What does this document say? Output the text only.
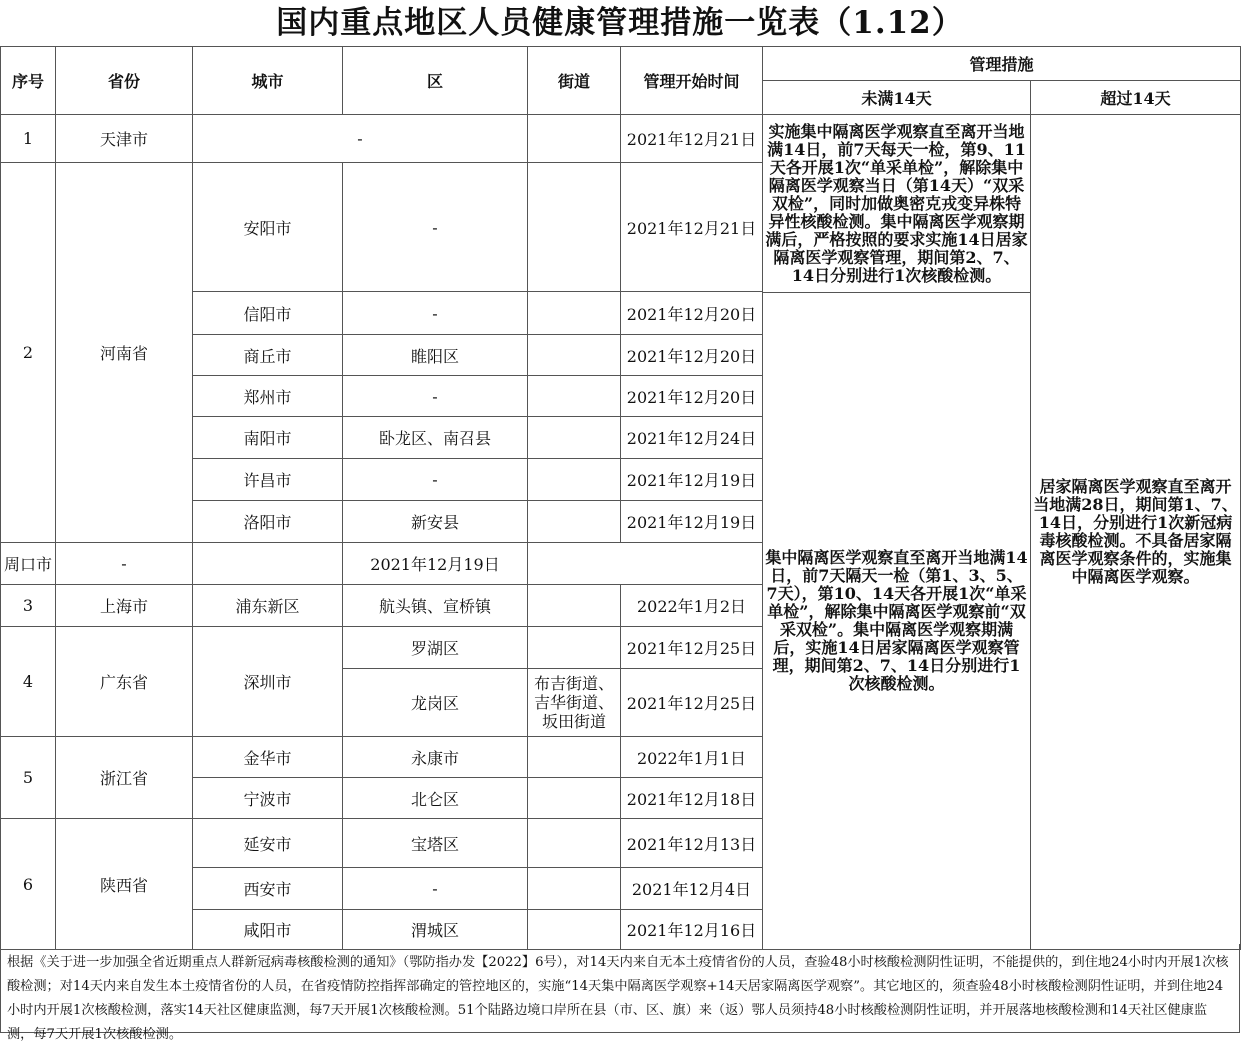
国内重点地区人员健康管理措施一览表（1.12）
序号	省份	城市	区	街道	管理开始时间	管理措施	
						未满14天	超过14天
1	天津市	-			2021年12月21日	实施集中隔离医学观察直至离开当地满14日，前7天每天一检，第9、11天各开展1次“单采单检”，解除集中隔离医学观察当日（第14天）“双采双检”，同时加做奥密克戎变异株特异性核酸检测。集中隔离医学观察期满后，严格按照的要求实施14日居家隔离医学观察管理，期间第2、7、14日分别进行1次核酸检测。	居家隔离医学观察直至离开当地满28日，期间第1、7、14日，分别进行1次新冠病毒核酸检测。不具备居家隔离医学观察条件的，实施集中隔离医学观察。
2	河南省	安阳市	-		2021年12月21日		
		信阳市	-		2021年12月20日		
						集中隔离医学观察直至离开当地满14日，前7天隔天一检（第1、3、5、7天），第10、14天各开展1次“单采单检”，解除集中隔离医学观察前“双采双检”。集中隔离医学观察期满后，实施14日居家隔离医学观察管理，期间第2、7、14日分别进行1次核酸检测。	
		商丘市	睢阳区		2021年12月20日		
		郑州市	-		2021年12月20日		
		南阳市	卧龙区、南召县		2021年12月24日		
		许昌市	-		2021年12月19日		
		洛阳市	新安县		2021年12月19日		
周口市	-		2021年12月19日				
3	上海市	浦东新区	航头镇、宣桥镇		2022年1月2日		
4	广东省	深圳市	罗湖区		2021年12月25日		
			龙岗区	布吉街道、吉华街道、坂田街道	2021年12月25日		
5	浙江省	金华市	永康市		2022年1月1日		
		宁波市	北仑区		2021年12月18日		
6	陕西省	延安市	宝塔区		2021年12月13日		
		西安市	-		2021年12月4日		
		咸阳市	渭城区		2021年12月16日		
根据《关于进一步加强全省近期重点人群新冠病毒核酸检测的通知》（鄂防指办发【2022】6号），对14天内来自无本土疫情省份的人员，查验48小时核酸检测阴性证明，不能提供的，到住地24小时内开展1次核酸检测；对14天内来自发生本土疫情省份的人员，在省疫情防控指挥部确定的管控地区的，实施“14天集中隔离医学观察+14天居家隔离医学观察”。其它地区的，须查验48小时核酸检测阴性证明，并到住地24小时内开展1次核酸检测，落实14天社区健康监测，每7天开展1次核酸检测。51个陆路边境口岸所在县（市、区、旗）来（返）鄂人员须持48小时核酸检测阴性证明，并开展落地核酸检测和14天社区健康监测，每7天开展1次核酸检测。
